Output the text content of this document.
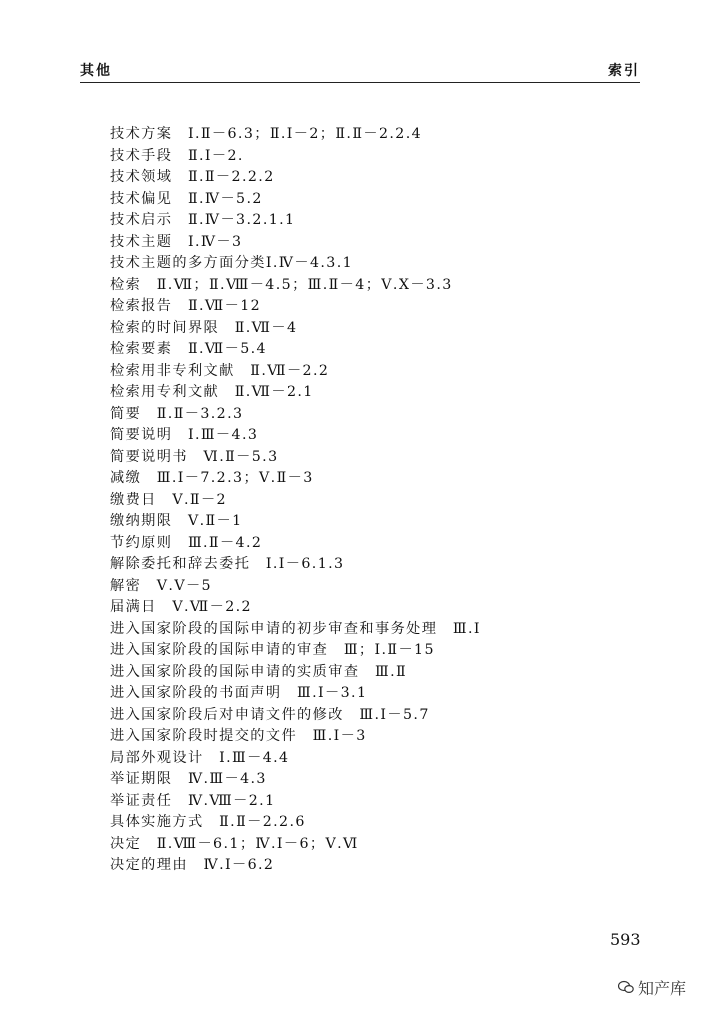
其他	索引
技术方案　Ⅰ.Ⅱ－6.3；Ⅱ.Ⅰ－2；Ⅱ.Ⅱ－2.2.4
技术手段　Ⅱ.Ⅰ－2.
技术领域　Ⅱ.Ⅱ－2.2.2
技术偏见　Ⅱ.Ⅳ－5.2
技术启示　Ⅱ.Ⅳ－3.2.1.1
技术主题　Ⅰ.Ⅳ－3
技术主题的多方面分类Ⅰ.Ⅳ－4.3.1
检索　Ⅱ.Ⅶ；Ⅱ.Ⅷ－4.5；Ⅲ.Ⅱ－4；Ⅴ.Ⅹ－3.3
检索报告　Ⅱ.Ⅶ－12
检索的时间界限　Ⅱ.Ⅶ－4
检索要素　Ⅱ.Ⅶ－5.4
检索用非专利文献　Ⅱ.Ⅶ－2.2
检索用专利文献　Ⅱ.Ⅶ－2.1
简要　Ⅱ.Ⅱ－3.2.3
简要说明　Ⅰ.Ⅲ－4.3
简要说明书　Ⅵ.Ⅱ－5.3
减缴　Ⅲ.Ⅰ－7.2.3；Ⅴ.Ⅱ－3
缴费日　Ⅴ.Ⅱ－2
缴纳期限　Ⅴ.Ⅱ－1
节约原则　Ⅲ.Ⅱ－4.2
解除委托和辞去委托　Ⅰ.Ⅰ－6.1.3
解密　Ⅴ.Ⅴ－5
届满日　Ⅴ.Ⅶ－2.2
进入国家阶段的国际申请的初步审查和事务处理　Ⅲ.Ⅰ
进入国家阶段的国际申请的审查　Ⅲ；Ⅰ.Ⅱ－15
进入国家阶段的国际申请的实质审查　Ⅲ.Ⅱ
进入国家阶段的书面声明　Ⅲ.Ⅰ－3.1
进入国家阶段后对申请文件的修改　Ⅲ.Ⅰ－5.7
进入国家阶段时提交的文件　Ⅲ.Ⅰ－3
局部外观设计　Ⅰ.Ⅲ－4.4
举证期限　Ⅳ.Ⅲ－4.3
举证责任　Ⅳ.Ⅷ－2.1
具体实施方式　Ⅱ.Ⅱ－2.2.6
决定　Ⅱ.Ⅷ－6.1；Ⅳ.Ⅰ－6；Ⅴ.Ⅵ
决定的理由　Ⅳ.Ⅰ－6.2
593
知产库
